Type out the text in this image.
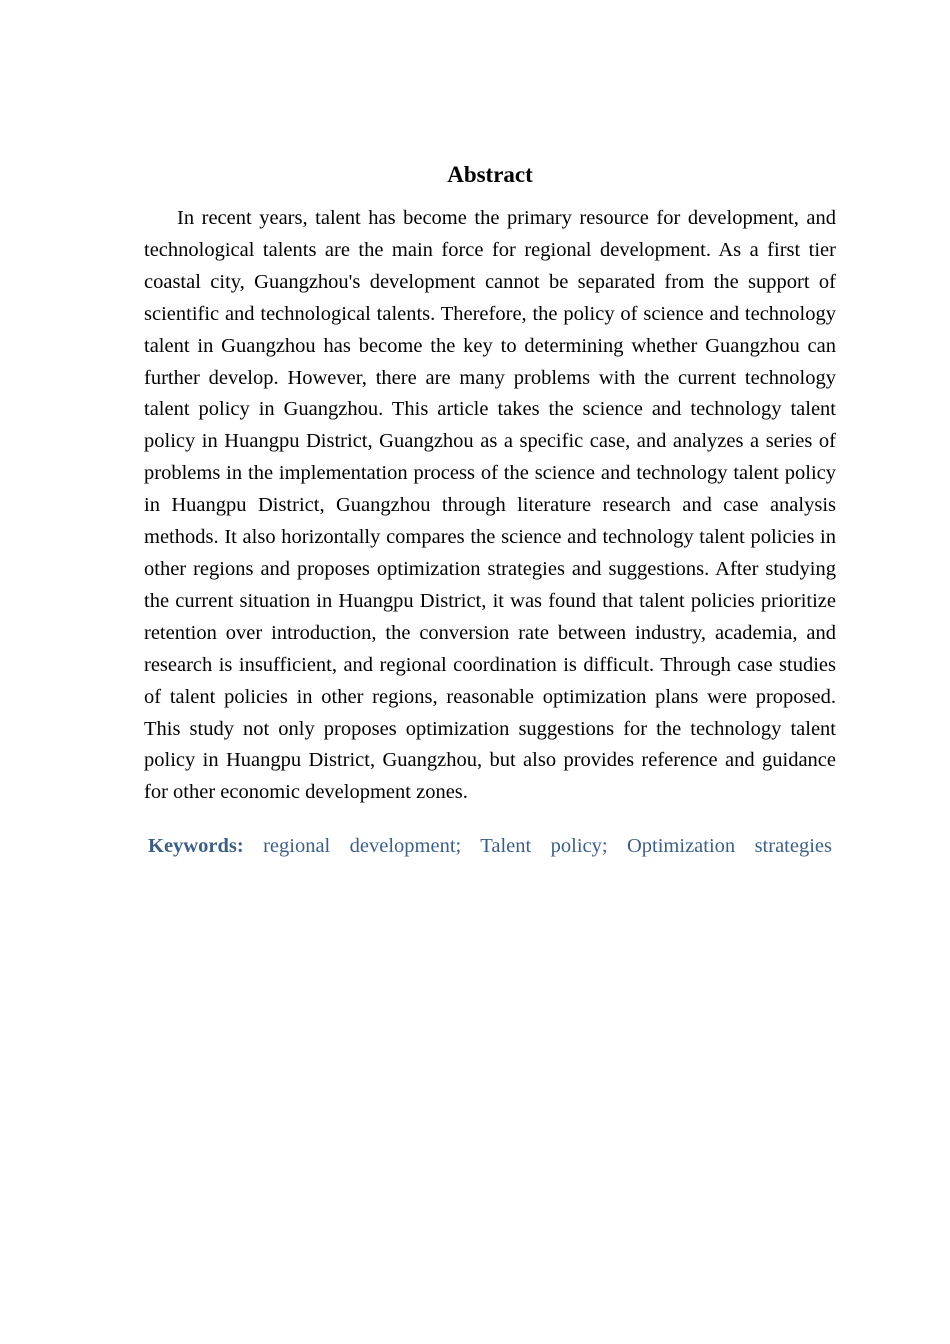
Abstract

In recent years, talent has become the primary resource for development, and technological talents are the main force for regional development. As a first tier coastal city, Guangzhou's development cannot be separated from the support of scientific and technological talents. Therefore, the policy of science and technology talent in Guangzhou has become the key to determining whether Guangzhou can further develop. However, there are many problems with the current technology talent policy in Guangzhou. This article takes the science and technology talent policy in Huangpu District, Guangzhou as a specific case, and analyzes a series of problems in the implementation process of the science and technology talent policy in Huangpu District, Guangzhou through literature research and case analysis methods. It also horizontally compares the science and technology talent policies in other regions and proposes optimization strategies and suggestions. After studying the current situation in Huangpu District, it was found that talent policies prioritize retention over introduction, the conversion rate between industry, academia, and research is insufficient, and regional coordination is difficult. Through case studies of talent policies in other regions, reasonable optimization plans were proposed. This study not only proposes optimization suggestions for the technology talent policy in Huangpu District, Guangzhou, but also provides reference and guidance for other economic development zones.

Keywords: regional development; Talent policy; Optimization strategies
